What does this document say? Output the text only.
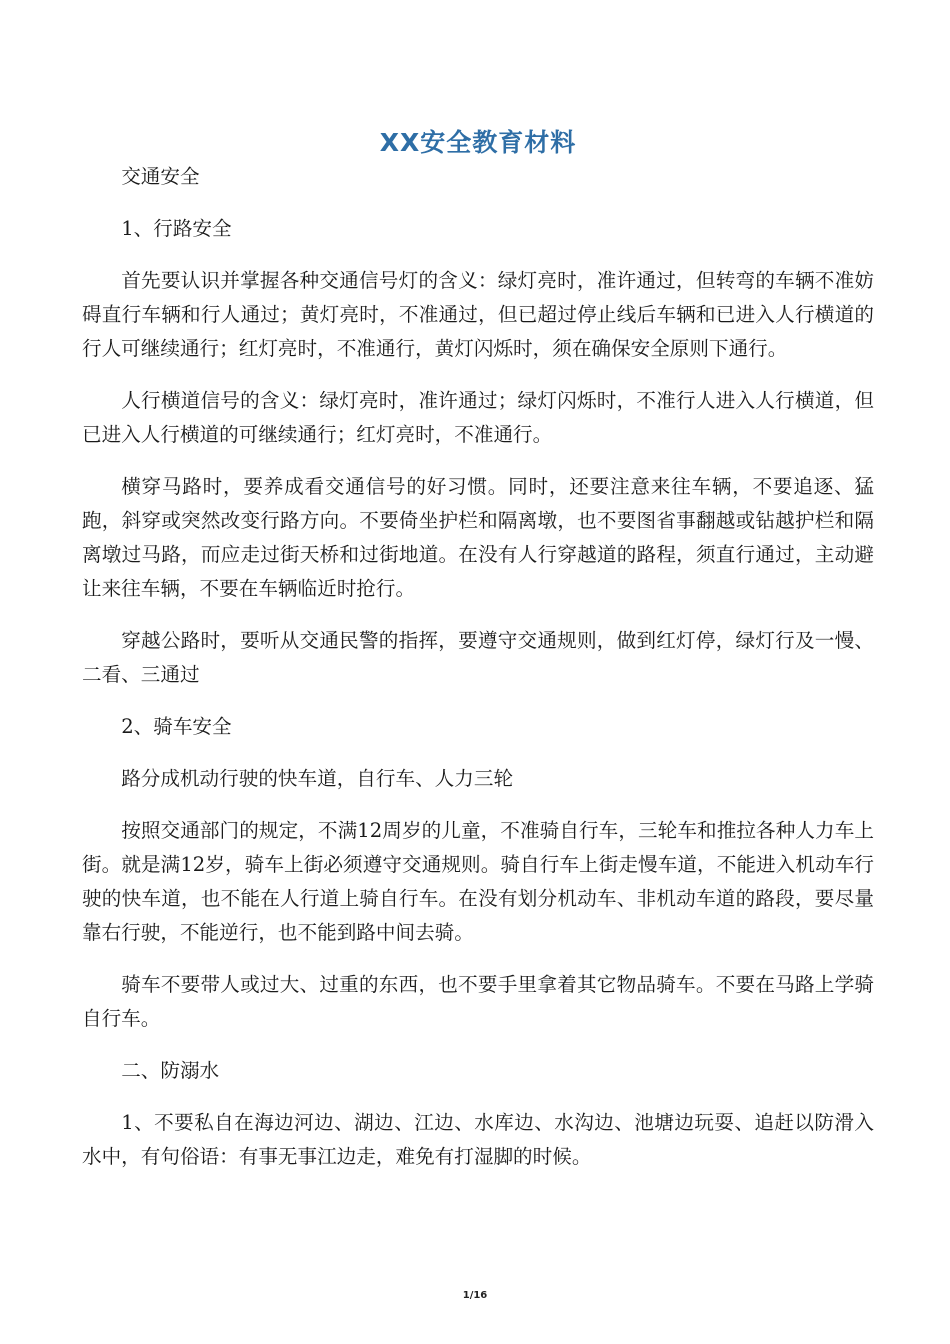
XX安全教育材料

交通安全

1、行路安全

首先要认识并掌握各种交通信号灯的含义：绿灯亮时，准许通过，但转弯的车辆不准妨碍直行车辆和行人通过；黄灯亮时，不准通过，但已超过停止线后车辆和已进入人行横道的行人可继续通行；红灯亮时，不准通行，黄灯闪烁时，须在确保安全原则下通行。

人行横道信号的含义：绿灯亮时，准许通过；绿灯闪烁时，不准行人进入人行横道，但已进入人行横道的可继续通行；红灯亮时，不准通行。

横穿马路时，要养成看交通信号的好习惯。同时，还要注意来往车辆，不要追逐、猛跑，斜穿或突然改变行路方向。不要倚坐护栏和隔离墩，也不要图省事翻越或钻越护栏和隔离墩过马路，而应走过街天桥和过街地道。在没有人行穿越道的路程，须直行通过，主动避让来往车辆，不要在车辆临近时抢行。

穿越公路时，要听从交通民警的指挥，要遵守交通规则，做到红灯停，绿灯行及一慢、二看、三通过

2、骑车安全

路分成机动行驶的快车道，自行车、人力三轮

按照交通部门的规定，不满12周岁的儿童，不准骑自行车，三轮车和推拉各种人力车上街。就是满12岁，骑车上街必须遵守交通规则。骑自行车上街走慢车道，不能进入机动车行驶的快车道，也不能在人行道上骑自行车。在没有划分机动车、非机动车道的路段，要尽量靠右行驶，不能逆行，也不能到路中间去骑。

骑车不要带人或过大、过重的东西，也不要手里拿着其它物品骑车。不要在马路上学骑自行车。

二、防溺水

1、不要私自在海边河边、湖边、江边、水库边、水沟边、池塘边玩耍、追赶以防滑入水中，有句俗语：有事无事江边走，难免有打湿脚的时候。

1/16
